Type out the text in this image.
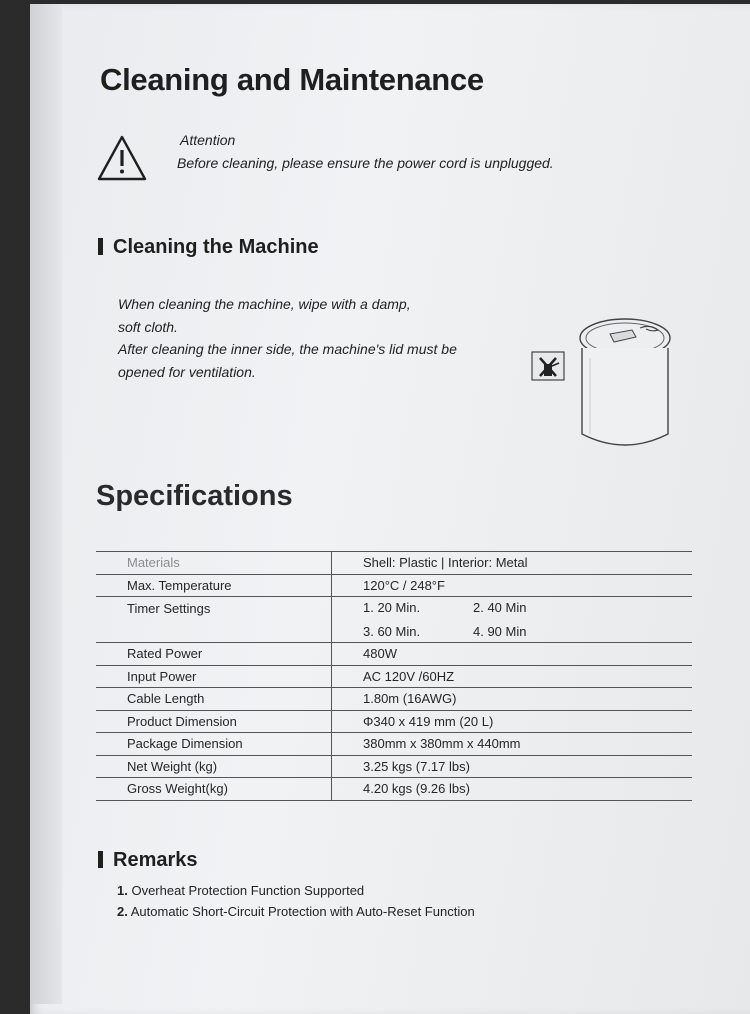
Cleaning and Maintenance
Attention
Before cleaning, please ensure the power cord is unplugged.
Cleaning the Machine
When cleaning the machine, wipe with a damp,
soft cloth.
After cleaning the inner side, the machine's lid must be
opened for ventilation.
Specifications
Materials	Shell: Plastic | Interior: Metal
Max. Temperature	120°C / 248°F
Timer Settings	1. 20 Min. 2. 40 Min
3. 60 Min. 4. 90 Min

Rated Power	480W
Input Power	AC 120V /60HZ
Cable Length	1.80m (16AWG)
Product Dimension	Φ340 x 419 mm (20 L)
Package Dimension	380mm x 380mm x 440mm
Net Weight (kg)	3.25 kgs (7.17 lbs)
Gross Weight(kg)	4.20 kgs (9.26 lbs)
Remarks
1. Overheat Protection Function Supported
2. Automatic Short-Circuit Protection with Auto-Reset Function
